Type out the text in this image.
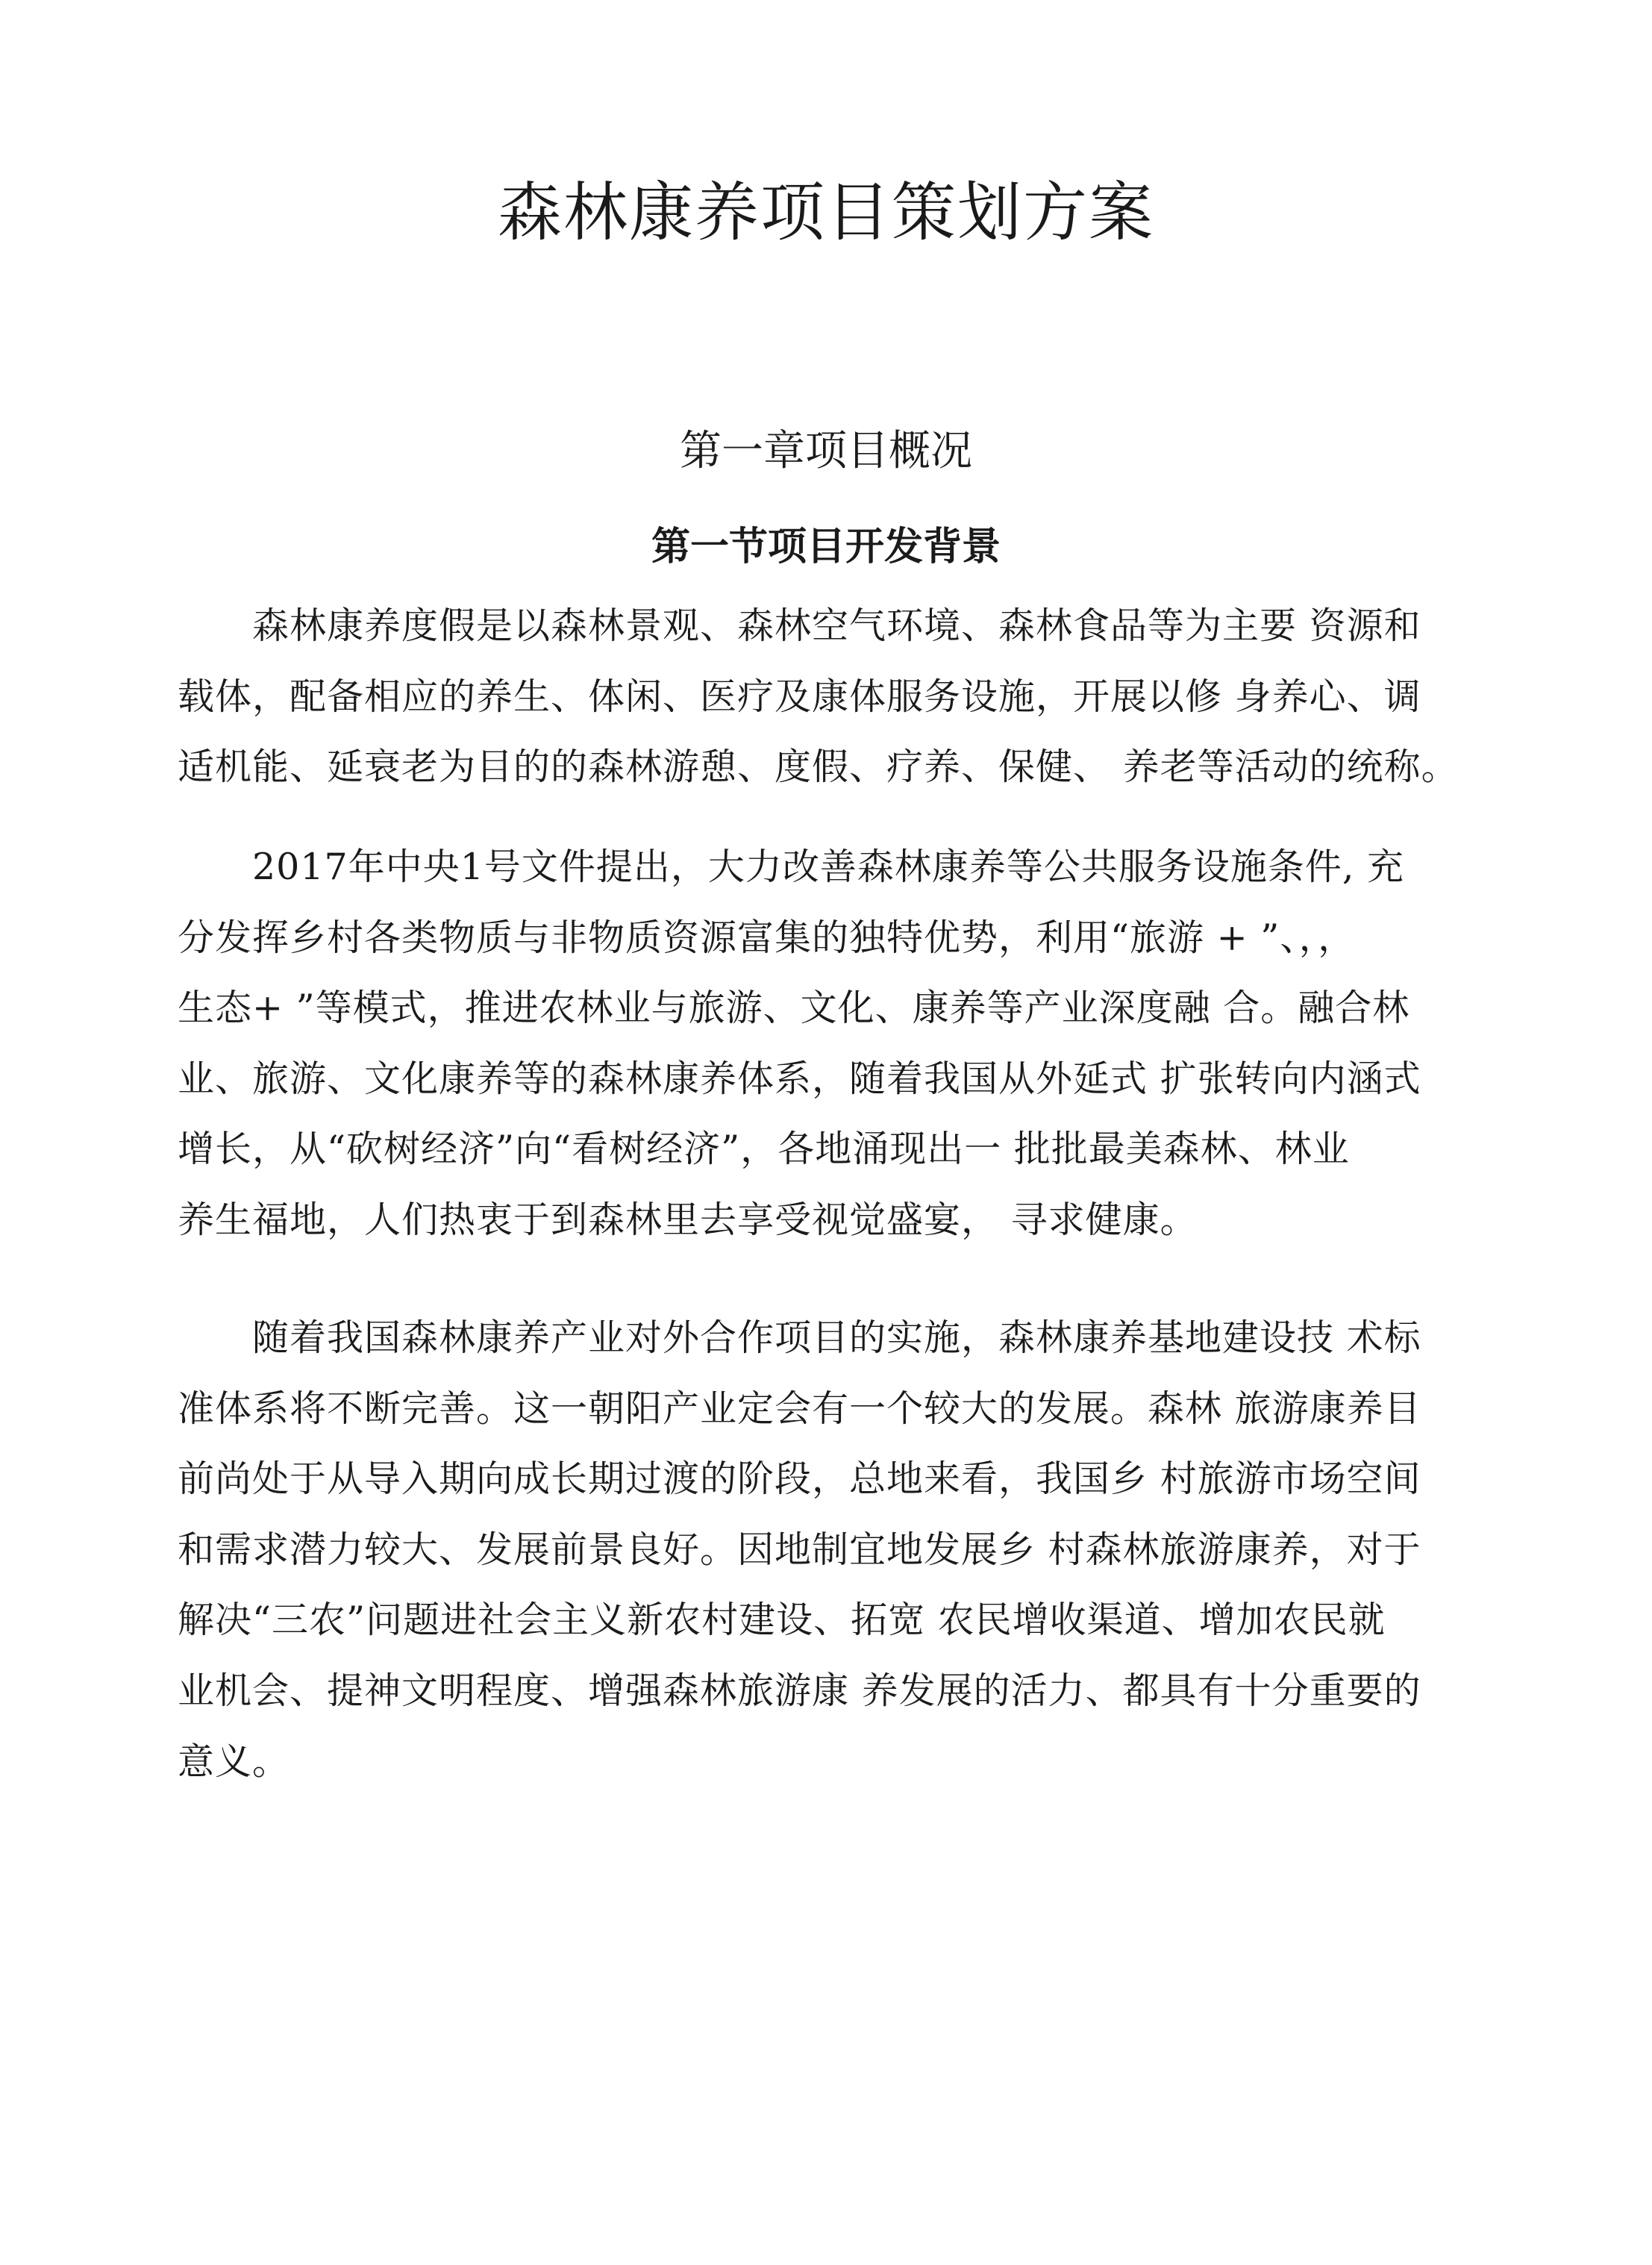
森林康养项目策划方案
第一章项目概况
第一节项目开发背景
森林康养度假是以森林景观、森林空气环境、森林食品等为主要 资源和
载体，配备相应的养生、体闲、医疗及康体服务设施，开展以修 身养心、调
适机能、延衰老为目的的森林游憩、度假、疗养、保健、 养老等活动的统称。
2017年中央1号文件提出，大力改善森林康养等公共服务设施条件, 充
分发挥乡村各类物质与非物质资源富集的独特优势，利用“旅游 + ”、，，
生态+ ”等模式，推进农林业与旅游、文化、康养等产业深度融 合。融合林
业、旅游、文化康养等的森林康养体系，随着我国从外延式 扩张转向内涵式
增长，从“砍树经济”向“看树经济”，各地涌现出一 批批最美森林、林业
养生福地，人们热衷于到森林里去享受视觉盛宴， 寻求健康。
随着我国森林康养产业对外合作项目的实施，森林康养基地建设技 术标
准体系将不断完善。这一朝阳产业定会有一个较大的发展。森林 旅游康养目
前尚处于从导入期向成长期过渡的阶段，总地来看，我国乡 村旅游市场空间
和需求潜力较大、发展前景良好。因地制宜地发展乡 村森林旅游康养，对于
解决“三农”问题进社会主义新农村建设、拓宽 农民增收渠道、增加农民就
业机会、提神文明程度、增强森林旅游康 养发展的活力、都具有十分重要的
意义。
